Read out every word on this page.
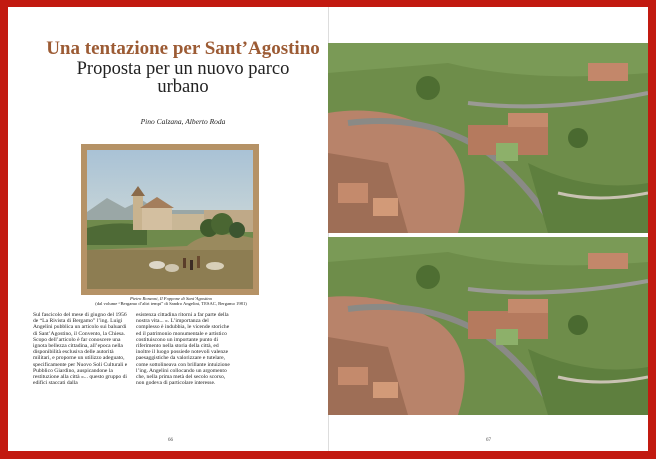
Una tentazione per Sant’Agostino
Proposta per un nuovo parco urbano
Pino Calzana, Alberto Roda
Pietro Ronzoni, Il Foppone di Sant’Agostino
(dal volume “Bergamo d’altri tempi” di Sandro Angelini, TESAC, Bergamo 1981)
Sul fascicolo del mese di giugno del 1956 de “La Rivista di Bergamo” l’ing. Luigi Angelini pubblica un articolo sui baluardi di Sant’Agostino, il Convento, la Chiesa. Scopo dell’articolo è far conoscere una ignota bellezza cittadina, all’epoca nella disponibilità esclusiva delle autorità militari, e proporne un utilizzo adeguato, specificamente per Nuovo Soli Culturali e Pubblico Giardino, auspicandone la restituzione alla città «... questo gruppo di edifici staccati dalla
esistenza cittadina ritorni a far parte della nostra vita... ». L’importanza del complesso è indubbia, le vicende storiche ed il patrimonio monumentale e artistico costituiscono un importante punto di riferimento nella storia della città, ed inoltre il luogo possiede notevoli valenze paesaggistiche da valorizzare e tutelare, come sottolineava con brillante intuizione l’ing. Angelini collocando un argomento che, nella prima metà del secolo scorso, non godeva di particolare interesse.
66	67
